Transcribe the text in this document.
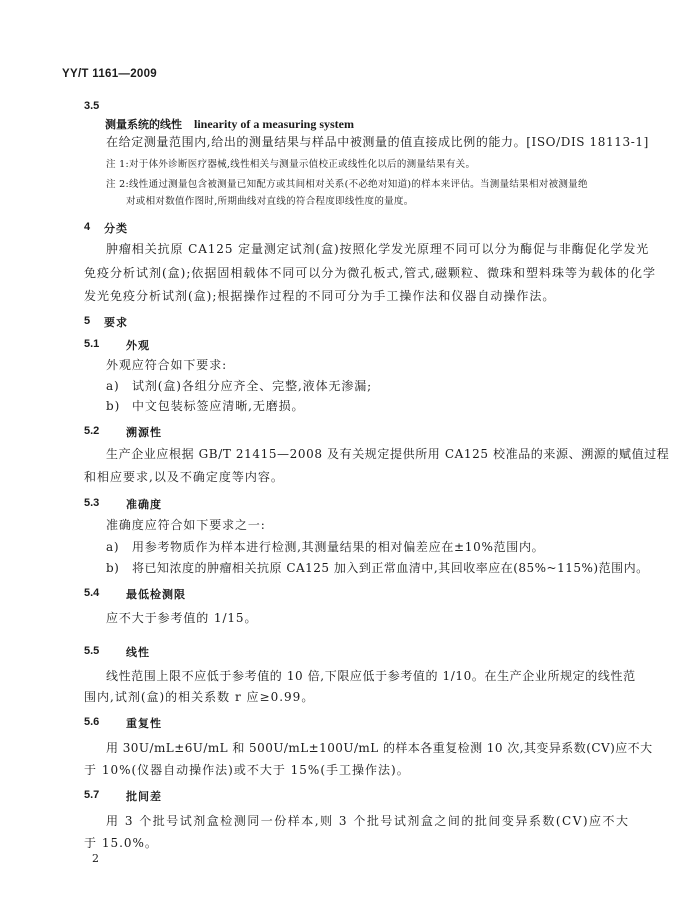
YY/T 1161—2009
3.5
测量系统的线性 linearity of a measuring system
在给定测量范围内,给出的测量结果与样品中被测量的值直接成比例的能力。[ISO/DIS 18113-1]
注 1:对于体外诊断医疗器械,线性相关与测量示值校正或线性化以后的测量结果有关。
注 2:线性通过测量包含被测量已知配方或其间相对关系(不必绝对知道)的样本来评估。当测量结果相对被测量绝
对或相对数值作图时,所期曲线对直线的符合程度即线性度的量度。
4 分类
肿瘤相关抗原 CA125 定量测定试剂(盒)按照化学发光原理不同可以分为酶促与非酶促化学发光
免疫分析试剂(盒);依据固相载体不同可以分为微孔板式,管式,磁颗粒、微珠和塑料珠等为载体的化学
发光免疫分析试剂(盒);根据操作过程的不同可分为手工操作法和仪器自动操作法。
5 要求
5.1 外观
外观应符合如下要求:
a) 试剂(盒)各组分应齐全、完整,液体无渗漏;
b) 中文包装标签应清晰,无磨损。
5.2 溯源性
生产企业应根据 GB/T 21415—2008 及有关规定提供所用 CA125 校准品的来源、溯源的赋值过程
和相应要求,以及不确定度等内容。
5.3 准确度
准确度应符合如下要求之一:
a) 用参考物质作为样本进行检测,其测量结果的相对偏差应在±10%范围内。
b) 将已知浓度的肿瘤相关抗原 CA125 加入到正常血清中,其回收率应在(85%~115%)范围内。
5.4 最低检测限
应不大于参考值的 1/15。
5.5 线性
线性范围上限不应低于参考值的 10 倍,下限应低于参考值的 1/10。在生产企业所规定的线性范
围内,试剂(盒)的相关系数 r 应≥0.99。
5.6 重复性
用 30U/mL±6U/mL 和 500U/mL±100U/mL 的样本各重复检测 10 次,其变异系数(CV)应不大
于 10%(仪器自动操作法)或不大于 15%(手工操作法)。
5.7 批间差
用 3 个批号试剂盒检测同一份样本,则 3 个批号试剂盒之间的批间变异系数(CV)应不大
于 15.0%。
2
